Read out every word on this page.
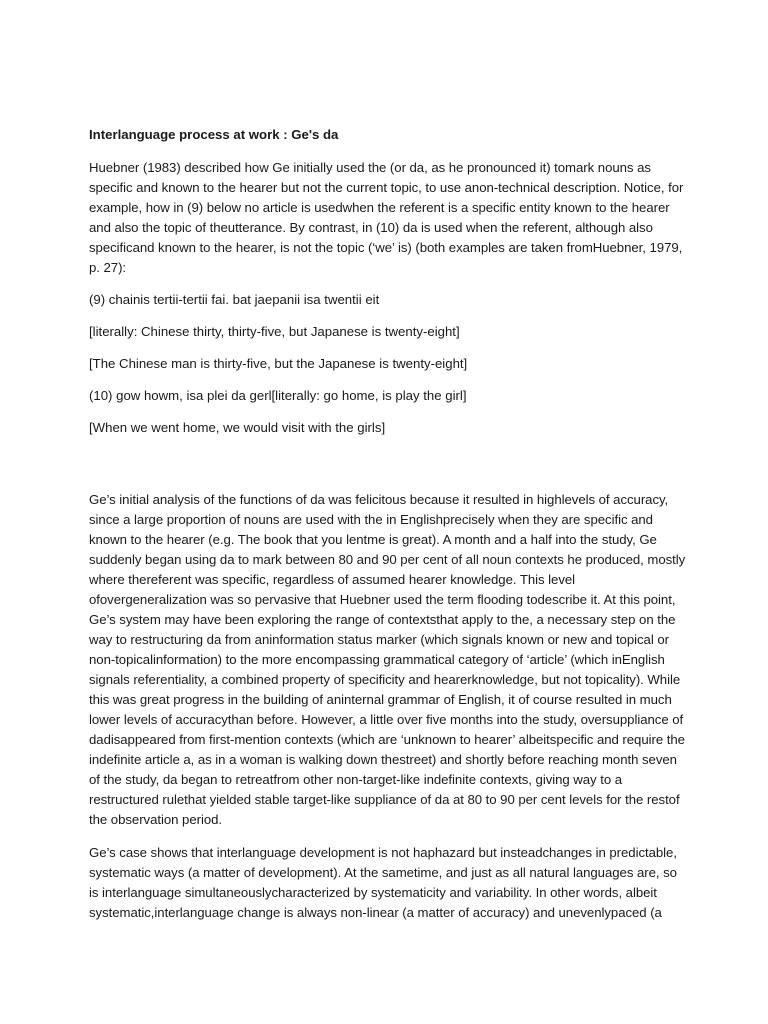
Interlanguage process at work : Ge's da

Huebner (1983) described how Ge initially used the (or da, as he pronounced it) tomark nouns as specific and known to the hearer but not the current topic, to use anon-technical description. Notice, for example, how in (9) below no article is usedwhen the referent is a specific entity known to the hearer and also the topic of theutterance. By contrast, in (10) da is used when the referent, although also specificand known to the hearer, is not the topic (‘we’ is) (both examples are taken fromHuebner, 1979, p. 27):

(9) chainis tertii-tertii fai. bat jaepanii isa twentii eit

[literally: Chinese thirty, thirty-five, but Japanese is twenty-eight]

[The Chinese man is thirty-five, but the Japanese is twenty-eight]

(10) gow howm, isa plei da gerl[literally: go home, is play the girl]

[When we went home, we would visit with the girls]

Ge’s initial analysis of the functions of da was felicitous because it resulted in highlevels of accuracy, since a large proportion of nouns are used with the in Englishprecisely when they are specific and known to the hearer (e.g. The book that you lentme is great). A month and a half into the study, Ge suddenly began using da to mark between 80 and 90 per cent of all noun contexts he produced, mostly where thereferent was specific, regardless of assumed hearer knowledge. This level ofovergeneralization was so pervasive that Huebner used the term flooding todescribe it. At this point, Ge’s system may have been exploring the range of contextsthat apply to the, a necessary step on the way to restructuring da from aninformation status marker (which signals known or new and topical or non-topicalinformation) to the more encompassing grammatical category of ‘article’ (which inEnglish signals referentiality, a combined property of specificity and hearerknowledge, but not topicality). While this was great progress in the building of aninternal grammar of English, it of course resulted in much lower levels of accuracythan before. However, a little over five months into the study, oversuppliance of dadisappeared from first-mention contexts (which are ‘unknown to hearer’ albeitspecific and require the indefinite article a, as in a woman is walking down thestreet) and shortly before reaching month seven of the study, da began to retreatfrom other non-target-like indefinite contexts, giving way to a restructured rulethat yielded stable target-like suppliance of da at 80 to 90 per cent levels for the restof the observation period.

Ge’s case shows that interlanguage development is not haphazard but insteadchanges in predictable, systematic ways (a matter of development). At the sametime, and just as all natural languages are, so is interlanguage simultaneouslycharacterized by systematicity and variability. In other words, albeit systematic,interlanguage change is always non-linear (a matter of accuracy) and unevenlypaced (a
